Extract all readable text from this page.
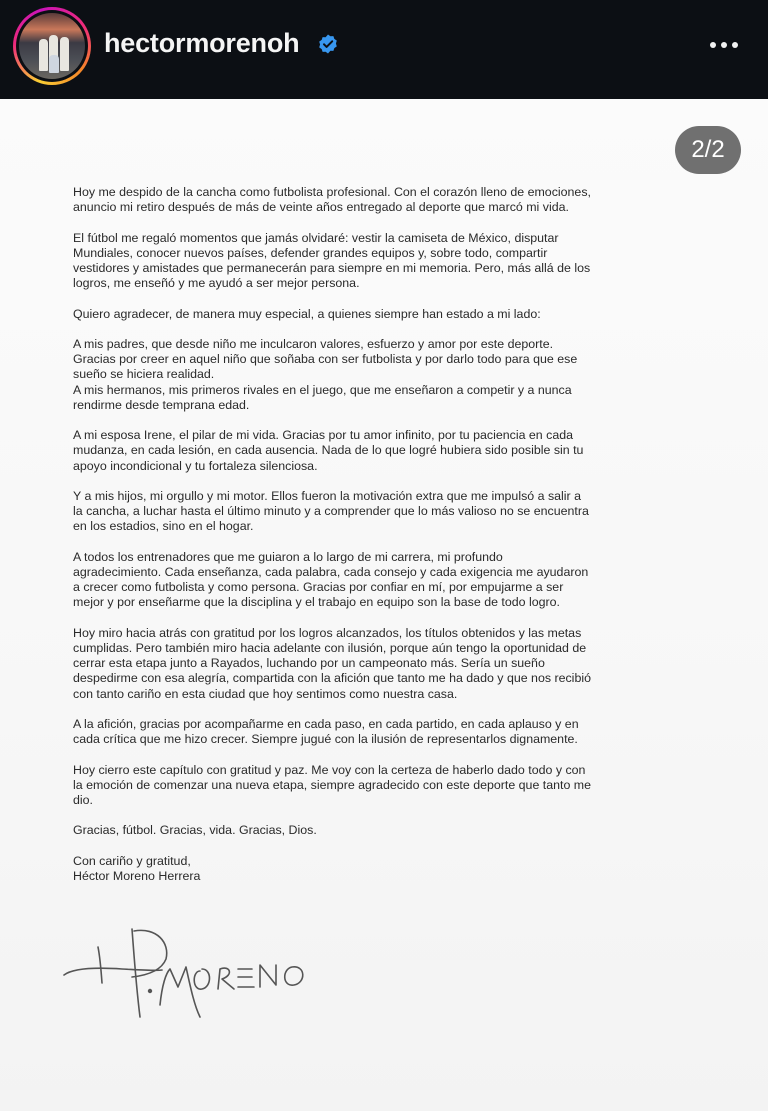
hectormorenoh
2/2

Hoy me despido de la cancha como futbolista profesional. Con el corazón lleno de emociones, anuncio mi retiro después de más de veinte años entregado al deporte que marcó mi vida.

El fútbol me regaló momentos que jamás olvidaré: vestir la camiseta de México, disputar Mundiales, conocer nuevos países, defender grandes equipos y, sobre todo, compartir vestidores y amistades que permanecerán para siempre en mi memoria. Pero, más allá de los logros, me enseñó y me ayudó a ser mejor persona.

Quiero agradecer, de manera muy especial, a quienes siempre han estado a mi lado:

A mis padres, que desde niño me inculcaron valores, esfuerzo y amor por este deporte. Gracias por creer en aquel niño que soñaba con ser futbolista y por darlo todo para que ese sueño se hiciera realidad.

A mis hermanos, mis primeros rivales en el juego, que me enseñaron a competir y a nunca rendirme desde temprana edad.

A mi esposa Irene, el pilar de mi vida. Gracias por tu amor infinito, por tu paciencia en cada mudanza, en cada lesión, en cada ausencia. Nada de lo que logré hubiera sido posible sin tu apoyo incondicional y tu fortaleza silenciosa.

Y a mis hijos, mi orgullo y mi motor. Ellos fueron la motivación extra que me impulsó a salir a la cancha, a luchar hasta el último minuto y a comprender que lo más valioso no se encuentra en los estadios, sino en el hogar.

A todos los entrenadores que me guiaron a lo largo de mi carrera, mi profundo agradecimiento. Cada enseñanza, cada palabra, cada consejo y cada exigencia me ayudaron a crecer como futbolista y como persona. Gracias por confiar en mí, por empujarme a ser mejor y por enseñarme que la disciplina y el trabajo en equipo son la base de todo logro.

Hoy miro hacia atrás con gratitud por los logros alcanzados, los títulos obtenidos y las metas cumplidas. Pero también miro hacia adelante con ilusión, porque aún tengo la oportunidad de cerrar esta etapa junto a Rayados, luchando por un campeonato más. Sería un sueño despedirme con esa alegría, compartida con la afición que tanto me ha dado y que nos recibió con tanto cariño en esta ciudad que hoy sentimos como nuestra casa.

A la afición, gracias por acompañarme en cada paso, en cada partido, en cada aplauso y en cada crítica que me hizo crecer. Siempre jugué con la ilusión de representarlos dignamente.

Hoy cierro este capítulo con gratitud y paz. Me voy con la certeza de haberlo dado todo y con la emoción de comenzar una nueva etapa, siempre agradecido con este deporte que tanto me dio.

Gracias, fútbol. Gracias, vida. Gracias, Dios.

Con cariño y gratitud,

Héctor Moreno Herrera
